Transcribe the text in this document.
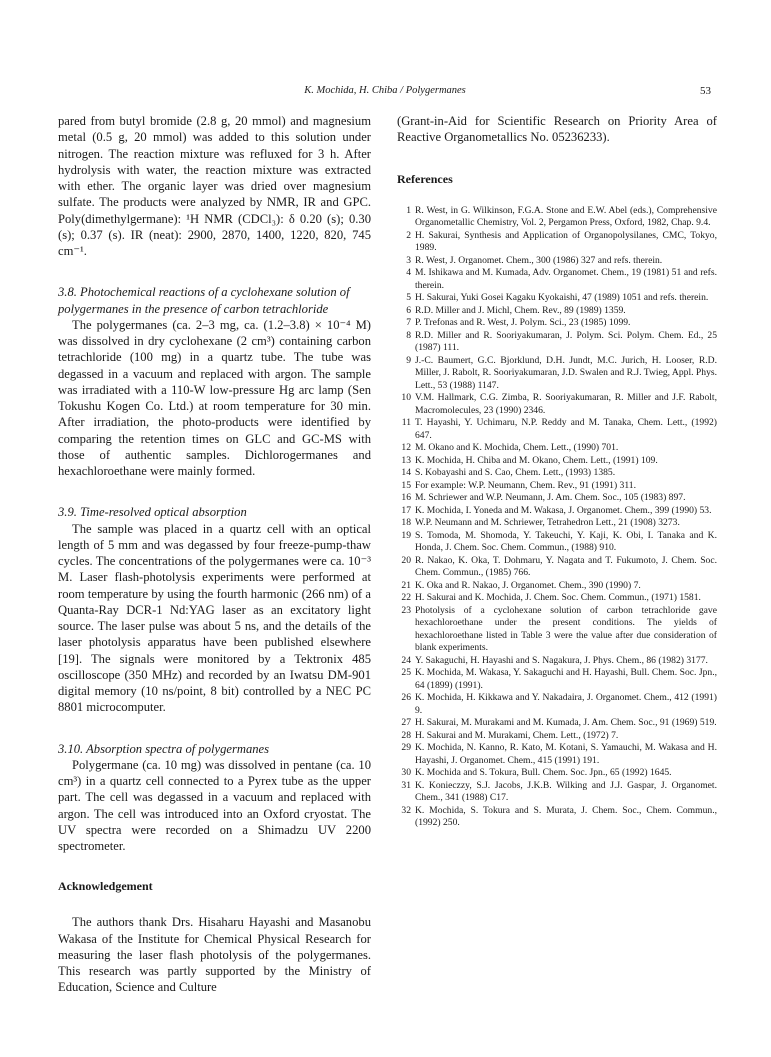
K. Mochida, H. Chiba / Polygermanes	53

pared from butyl bromide (2.8 g, 20 mmol) and magnesium metal (0.5 g, 20 mmol) was added to this solution under nitrogen. The reaction mixture was refluxed for 3 h. After hydrolysis with water, the reaction mixture was extracted with ether. The organic layer was dried over magnesium sulfate. The products were analyzed by NMR, IR and GPC. Poly(dimethylgermane): ¹H NMR (CDCl₃): δ 0.20 (s); 0.30 (s); 0.37 (s). IR (neat): 2900, 2870, 1400, 1220, 820, 745 cm⁻¹.

3.8. Photochemical reactions of a cyclohexane solution of polygermanes in the presence of carbon tetrachloride

The polygermanes (ca. 2–3 mg, ca. (1.2–3.8) × 10⁻⁴ M) was dissolved in dry cyclohexane (2 cm³) containing carbon tetrachloride (100 mg) in a quartz tube. The tube was degassed in a vacuum and replaced with argon. The sample was irradiated with a 110-W low-pressure Hg arc lamp (Sen Tokushu Kogen Co. Ltd.) at room temperature for 30 min. After irradiation, the photo-products were identified by comparing the retention times on GLC and GC-MS with those of authentic samples. Dichlorogermanes and hexachloroethane were mainly formed.

3.9. Time-resolved optical absorption

The sample was placed in a quartz cell with an optical length of 5 mm and was degassed by four freeze-pump-thaw cycles. The concentrations of the polygermanes were ca. 10⁻³ M. Laser flash-photolysis experiments were performed at room temperature by using the fourth harmonic (266 nm) of a Quanta-Ray DCR-1 Nd:YAG laser as an excitatory light source. The laser pulse was about 5 ns, and the details of the laser photolysis apparatus have been published elsewhere [19]. The signals were monitored by a Tektronix 485 oscilloscope (350 MHz) and recorded by an Iwatsu DM-901 digital memory (10 ns/point, 8 bit) controlled by a NEC PC 8801 microcomputer.

3.10. Absorption spectra of polygermanes

Polygermane (ca. 10 mg) was dissolved in pentane (ca. 10 cm³) in a quartz cell connected to a Pyrex tube as the upper part. The cell was degassed in a vacuum and replaced with argon. The cell was introduced into an Oxford cryostat. The UV spectra were recorded on a Shimadzu UV 2200 spectrometer.

Acknowledgement

The authors thank Drs. Hisaharu Hayashi and Masanobu Wakasa of the Institute for Chemical Physical Research for measuring the laser flash photolysis of the polygermanes. This research was partly supported by the Ministry of Education, Science and Culture

(Grant-in-Aid for Scientific Research on Priority Area of Reactive Organometallics No. 05236233).

References

1 R. West, in G. Wilkinson, F.G.A. Stone and E.W. Abel (eds.), Comprehensive Organometallic Chemistry, Vol. 2, Pergamon Press, Oxford, 1982, Chap. 9.4.
2 H. Sakurai, Synthesis and Application of Organopolysilanes, CMC, Tokyo, 1989.
3 R. West, J. Organomet. Chem., 300 (1986) 327 and refs. therein.
4 M. Ishikawa and M. Kumada, Adv. Organomet. Chem., 19 (1981) 51 and refs. therein.
5 H. Sakurai, Yuki Gosei Kagaku Kyokaishi, 47 (1989) 1051 and refs. therein.
6 R.D. Miller and J. Michl, Chem. Rev., 89 (1989) 1359.
7 P. Trefonas and R. West, J. Polym. Sci., 23 (1985) 1099.
8 R.D. Miller and R. Sooriyakumaran, J. Polym. Sci. Polym. Chem. Ed., 25 (1987) 111.
9 J.-C. Baumert, G.C. Bjorklund, D.H. Jundt, M.C. Jurich, H. Looser, R.D. Miller, J. Rabolt, R. Sooriyakumaran, J.D. Swalen and R.J. Twieg, Appl. Phys. Lett., 53 (1988) 1147.
10 V.M. Hallmark, C.G. Zimba, R. Sooriyakumaran, R. Miller and J.F. Rabolt, Macromolecules, 23 (1990) 2346.
11 T. Hayashi, Y. Uchimaru, N.P. Reddy and M. Tanaka, Chem. Lett., (1992) 647.
12 M. Okano and K. Mochida, Chem. Lett., (1990) 701.
13 K. Mochida, H. Chiba and M. Okano, Chem. Lett., (1991) 109.
14 S. Kobayashi and S. Cao, Chem. Lett., (1993) 1385.
15 For example: W.P. Neumann, Chem. Rev., 91 (1991) 311.
16 M. Schriewer and W.P. Neumann, J. Am. Chem. Soc., 105 (1983) 897.
17 K. Mochida, I. Yoneda and M. Wakasa, J. Organomet. Chem., 399 (1990) 53.
18 W.P. Neumann and M. Schriewer, Tetrahedron Lett., 21 (1908) 3273.
19 S. Tomoda, M. Shomoda, Y. Takeuchi, Y. Kaji, K. Obi, I. Tanaka and K. Honda, J. Chem. Soc. Chem. Commun., (1988) 910.
20 R. Nakao, K. Oka, T. Dohmaru, Y. Nagata and T. Fukumoto, J. Chem. Soc. Chem. Commun., (1985) 766.
21 K. Oka and R. Nakao, J. Organomet. Chem., 390 (1990) 7.
22 H. Sakurai and K. Mochida, J. Chem. Soc. Chem. Commun., (1971) 1581.
23 Photolysis of a cyclohexane solution of carbon tetrachloride gave hexachloroethane under the present conditions. The yields of hexachloroethane listed in Table 3 were the value after due consideration of blank experiments.
24 Y. Sakaguchi, H. Hayashi and S. Nagakura, J. Phys. Chem., 86 (1982) 3177.
25 K. Mochida, M. Wakasa, Y. Sakaguchi and H. Hayashi, Bull. Chem. Soc. Jpn., 64 (1899) (1991).
26 K. Mochida, H. Kikkawa and Y. Nakadaira, J. Organomet. Chem., 412 (1991) 9.
27 H. Sakurai, M. Murakami and M. Kumada, J. Am. Chem. Soc., 91 (1969) 519.
28 H. Sakurai and M. Murakami, Chem. Lett., (1972) 7.
29 K. Mochida, N. Kanno, R. Kato, M. Kotani, S. Yamauchi, M. Wakasa and H. Hayashi, J. Organomet. Chem., 415 (1991) 191.
30 K. Mochida and S. Tokura, Bull. Chem. Soc. Jpn., 65 (1992) 1645.
31 K. Konieczzy, S.J. Jacobs, J.K.B. Wilking and J.J. Gaspar, J. Organomet. Chem., 341 (1988) C17.
32 K. Mochida, S. Tokura and S. Murata, J. Chem. Soc., Chem. Commun., (1992) 250.
